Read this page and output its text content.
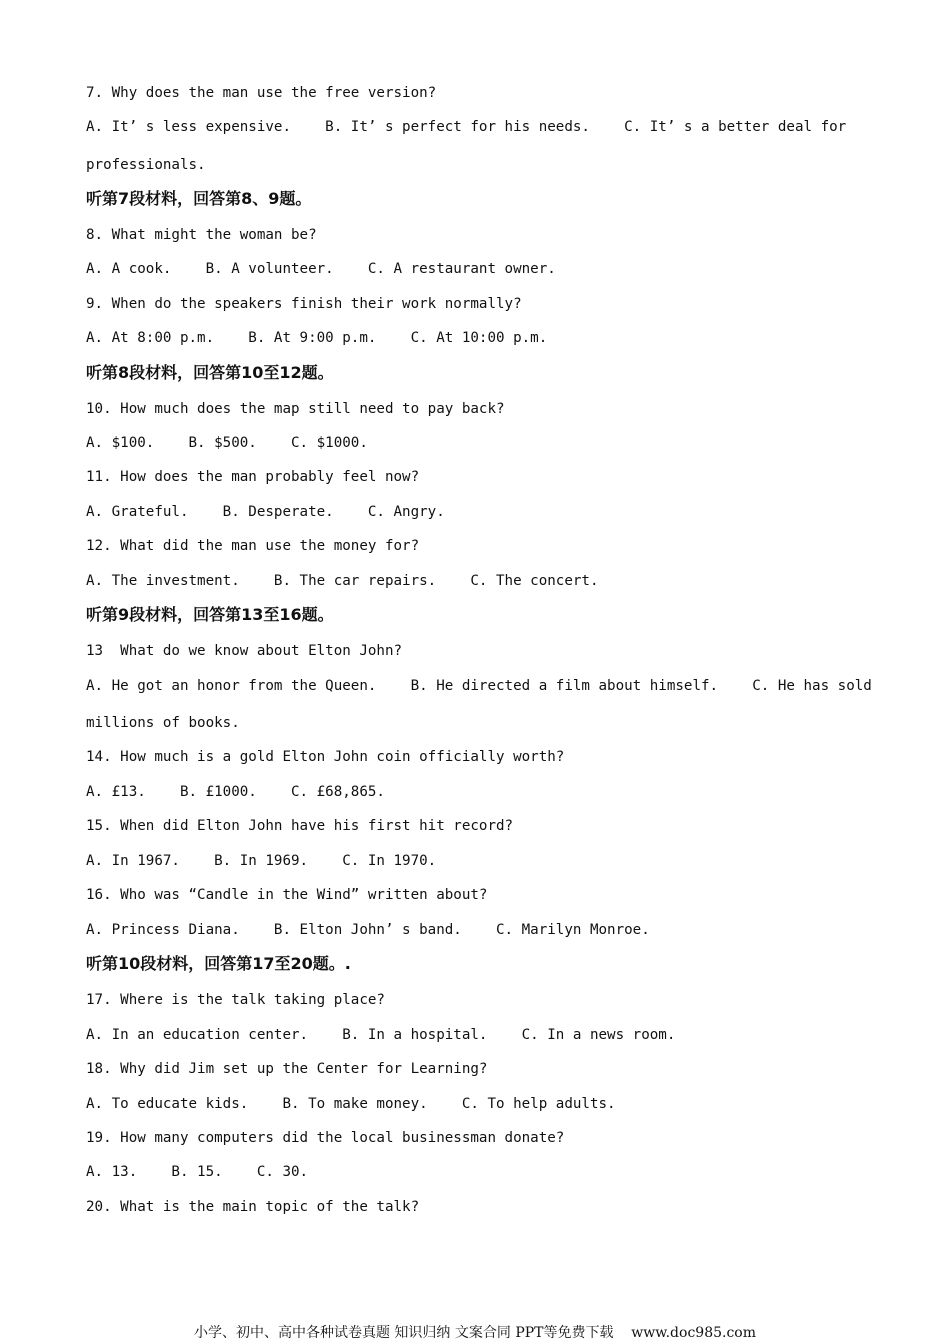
7. Why does the man use the free version?
A. It’ s less expensive.    B. It’ s perfect for his needs.    C. It’ s a better deal for
professionals.
听第7段材料，回答第8、9题。
8. What might the woman be?
A. A cook.    B. A volunteer.    C. A restaurant owner.
9. When do the speakers finish their work normally?
A. At 8:00 p.m.    B. At 9:00 p.m.    C. At 10:00 p.m.
听第8段材料，回答第10至12题。
10. How much does the map still need to pay back?
A. $100.    B. $500.    C. $1000.
11. How does the man probably feel now?
A. Grateful.    B. Desperate.    C. Angry.
12. What did the man use the money for?
A. The investment.    B. The car repairs.    C. The concert.
听第9段材料，回答第13至16题。
13  What do we know about Elton John?
A. He got an honor from the Queen.    B. He directed a film about himself.    C. He has sold
millions of books.
14. How much is a gold Elton John coin officially worth?
A. £13.    B. £1000.    C. £68,865.
15. When did Elton John have his first hit record?
A. In 1967.    B. In 1969.    C. In 1970.
16. Who was “Candle in the Wind” written about?
A. Princess Diana.    B. Elton John’ s band.    C. Marilyn Monroe.
听第10段材料，回答第17至20题。.
17. Where is the talk taking place?
A. In an education center.    B. In a hospital.    C. In a news room.
18. Why did Jim set up the Center for Learning?
A. To educate kids.    B. To make money.    C. To help adults.
19. How many computers did the local businessman donate?
A. 13.    B. 15.    C. 30.
20. What is the main topic of the talk?
小学、初中、高中各种试卷真题 知识归纳 文案合同 PPT等免费下载    www.doc985.com
